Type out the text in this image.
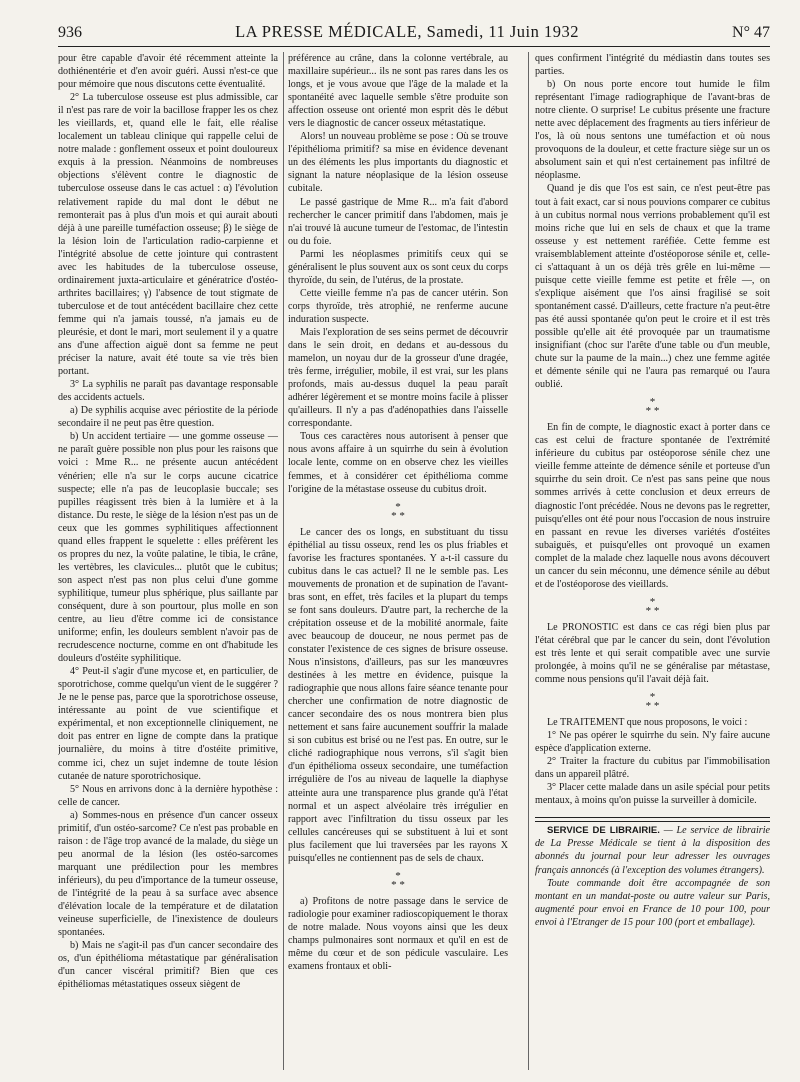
936	LA PRESSE MÉDICALE, Samedi, 11 Juin 1932	N° 47

pour être capable d'avoir été récemment atteinte la dothiénentérie et d'en avoir guéri. Aussi n'est-ce que pour mémoire que nous discutons cette éventualité.

2° La tuberculose osseuse est plus admissible, car il n'est pas rare de voir la bacillose frapper les os chez les vieillards, et, quand elle le fait, elle réalise localement un tableau clinique qui rappelle celui de notre malade : gonflement osseux et point douloureux exquis à la pression. Néanmoins de nombreuses objections s'élèvent contre le diagnostic de tuberculose osseuse dans le cas actuel : α) l'évolution relativement rapide du mal dont le début ne remonterait pas à plus d'un mois et qui aurait abouti déjà à une pareille tuméfaction osseuse; β) le siège de la lésion loin de l'articulation radio-carpienne et l'intégrité absolue de cette jointure qui contrastent avec les habitudes de la tuberculose osseuse, ordinairement juxta-articulaire et génératrice d'ostéo-arthrites bacillaires; γ) l'absence de tout stigmate de tuberculose et de tout antécédent bacillaire chez cette femme qui n'a jamais toussé, n'a jamais eu de pleurésie, et dont le mari, mort seulement il y a quatre ans d'une affection aiguë dont sa femme ne peut préciser la nature, avait été toute sa vie très bien portant.

3° La syphilis ne paraît pas davantage responsable des accidents actuels.

a) De syphilis acquise avec périostite de la période secondaire il ne peut pas être question.

b) Un accident tertiaire — une gomme osseuse — ne paraît guère possible non plus pour les raisons que voici : Mme R... ne présente aucun antécédent vénérien; elle n'a sur le corps aucune cicatrice suspecte; elle n'a pas de leucoplasie buccale; ses pupilles réagissent très bien à la lumière et à la distance. Du reste, le siège de la lésion n'est pas un de ceux que les gommes syphilitiques affectionnent quand elles frappent le squelette : elles préfèrent les os propres du nez, la voûte palatine, le tibia, le crâne, les vertèbres, les clavicules... plutôt que le cubitus; son aspect n'est pas non plus celui d'une gomme syphilitique, tumeur plus sphérique, plus saillante par conséquent, dure à son pourtour, plus molle en son centre, au lieu d'être comme ici de consistance uniforme; enfin, les douleurs semblent n'avoir pas de recrudescence nocturne, comme en ont d'habitude les douleurs d'ostéite syphilitique.

4° Peut-il s'agir d'une mycose et, en particulier, de sporotrichose, comme quelqu'un vient de le suggérer ? Je ne le pense pas, parce que la sporotrichose osseuse, intéressante au point de vue scientifique et expérimental, et non exceptionnelle cliniquement, ne doit pas entrer en ligne de compte dans la pratique journalière, du moins à titre d'ostéite primitive, comme ici, chez un sujet indemne de toute lésion cutanée de nature sporotrichosique.

5° Nous en arrivons donc à la dernière hypothèse : celle de cancer.

a) Sommes-nous en présence d'un cancer osseux primitif, d'un ostéo-sarcome? Ce n'est pas probable en raison : de l'âge trop avancé de la malade, du siège un peu anormal de la lésion (les ostéo-sarcomes marquant une prédilection pour les membres inférieurs), du peu d'importance de la tumeur osseuse, de l'intégrité de la peau à sa surface avec absence d'élévation locale de la température et de dilatation veineuse superficielle, de l'inexistence de douleurs spontanées.

b) Mais ne s'agit-il pas d'un cancer secondaire des os, d'un épithélioma métastatique par généralisation d'un cancer viscéral primitif? Bien que ces épithéliomas métastatiques osseux siègent de

préférence au crâne, dans la colonne vertébrale, au maxillaire supérieur... ils ne sont pas rares dans les os longs, et je vous avoue que l'âge de la malade et la spontanéité avec laquelle semble s'être produite son affection osseuse ont orienté mon esprit dès le début vers le diagnostic de cancer osseux métastatique.

Alors! un nouveau problème se pose : Où se trouve l'épithélioma primitif? sa mise en évidence devenant un des éléments les plus importants du diagnostic et signant la nature néoplasique de la lésion osseuse cubitale.

Le passé gastrique de Mme R... m'a fait d'abord rechercher le cancer primitif dans l'abdomen, mais je n'ai trouvé là aucune tumeur de l'estomac, de l'intestin ou du foie.

Parmi les néoplasmes primitifs ceux qui se généralisent le plus souvent aux os sont ceux du corps thyroïde, du sein, de l'utérus, de la prostate.

Cette vieille femme n'a pas de cancer utérin. Son corps thyroïde, très atrophié, ne renferme aucune induration suspecte.

Mais l'exploration de ses seins permet de découvrir dans le sein droit, en dedans et au-dessous du mamelon, un noyau dur de la grosseur d'une dragée, très ferme, irrégulier, mobile, il est vrai, sur les plans profonds, mais au-dessus duquel la peau paraît adhérer légèrement et se montre moins facile à plisser qu'ailleurs. Il n'y a pas d'adénopathies dans l'aisselle correspondante.

Tous ces caractères nous autorisent à penser que nous avons affaire à un squirrhe du sein à évolution locale lente, comme on en observe chez les vieilles femmes, et à considérer cet épithélioma comme l'origine de la métastase osseuse du cubitus droit.

*
* *

Le cancer des os longs, en substituant du tissu épithélial au tissu osseux, rend les os plus friables et favorise les fractures spontanées. Y a-t-il cassure du cubitus dans le cas actuel? Il ne le semble pas. Les mouvements de pronation et de supination de l'avant-bras sont, en effet, très faciles et la plupart du temps se font sans douleurs. D'autre part, la recherche de la crépitation osseuse et de la mobilité anormale, faite avec beaucoup de douceur, ne nous permet pas de constater l'existence de ces signes de brisure osseuse. Nous n'insistons, d'ailleurs, pas sur les manœuvres destinées à les mettre en évidence, puisque la radiographie que nous allons faire séance tenante pour chercher une confirmation de notre diagnostic de cancer secondaire des os nous montrera bien plus nettement et sans faire aucunement souffrir la malade si son cubitus est brisé ou ne l'est pas. En outre, sur le cliché radiographique nous verrons, s'il s'agit bien d'un épithélioma osseux secondaire, une tuméfaction irrégulière de l'os au niveau de laquelle la diaphyse atteinte aura une transparence plus grande qu'à l'état normal et un aspect alvéolaire très irrégulier en rapport avec l'infiltration du tissu osseux par les cellules cancéreuses qui se substituent à lui et sont plus facilement que lui traversées par les rayons X puisqu'elles ne contiennent pas de sels de chaux.

*
* *

a) Profitons de notre passage dans le service de radiologie pour examiner radioscopiquement le thorax de notre malade. Nous voyons ainsi que les deux champs pulmonaires sont normaux et qu'il en est de même du cœur et de son pédicule vasculaire. Les examens frontaux et obli-

ques confirment l'intégrité du médiastin dans toutes ses parties.

b) On nous porte encore tout humide le film représentant l'image radiographique de l'avant-bras de notre cliente. O surprise! Le cubitus présente une fracture nette avec déplacement des fragments au tiers inférieur de l'os, là où nous sentons une tuméfaction et où nous provoquons de la douleur, et cette fracture siège sur un os absolument sain et qui n'est certainement pas infiltré de néoplasme.

Quand je dis que l'os est sain, ce n'est peut-être pas tout à fait exact, car si nous pouvions comparer ce cubitus à un cubitus normal nous verrions probablement qu'il est moins riche que lui en sels de chaux et que la trame osseuse y est nettement raréfiée. Cette femme est vraisemblablement atteinte d'ostéoporose sénile et, celle-ci s'attaquant à un os déjà très grêle en lui-même — puisque cette vieille femme est petite et frêle —, on s'explique aisément que l'os ainsi fragilisé se soit spontanément cassé. D'ailleurs, cette fracture n'a peut-être pas été aussi spontanée qu'on peut le croire et il est très possible qu'elle ait été provoquée par un traumatisme insignifiant (choc sur l'arête d'une table ou d'un meuble, chute sur la paume de la main...) chez une femme agitée et démente sénile qui ne l'aura pas remarqué ou l'aura oublié.

*
* *

En fin de compte, le diagnostic exact à porter dans ce cas est celui de fracture spontanée de l'extrémité inférieure du cubitus par ostéoporose sénile chez une vieille femme atteinte de démence sénile et porteuse d'un squirrhe du sein droit. Ce n'est pas sans peine que nous sommes arrivés à cette conclusion et deux erreurs de diagnostic l'ont précédée. Nous ne devons pas le regretter, puisqu'elles ont été pour nous l'occasion de nous instruire en passant en revue les diverses variétés d'ostéites subaiguës, et puisqu'elles ont provoqué un examen complet de la malade chez laquelle nous avons découvert un cancer du sein méconnu, une démence sénile au début et de l'ostéoporose des vieillards.

*
* *

Le PRONOSTIC est dans ce cas régi bien plus par l'état cérébral que par le cancer du sein, dont l'évolution est très lente et qui serait compatible avec une survie prolongée, à moins qu'il ne se généralise par métastase, comme nous pensions qu'il l'avait déjà fait.

*
* *

Le TRAITEMENT que nous proposons, le voici :

1° Ne pas opérer le squirrhe du sein. N'y faire aucune espèce d'application externe.

2° Traiter la fracture du cubitus par l'immobilisation dans un appareil plâtré.

3° Placer cette malade dans un asile spécial pour petits mentaux, à moins qu'on puisse la surveiller à domicile.

SERVICE DE LIBRAIRIE. — Le service de librairie de La Presse Médicale se tient à la disposition des abonnés du journal pour leur adresser les ouvrages français annoncés (à l'exception des volumes étrangers).

Toute commande doit être accompagnée de son montant en un mandat-poste ou autre valeur sur Paris, augmenté pour envoi en France de 10 pour 100, pour envoi à l'Etranger de 15 pour 100 (port et emballage).
